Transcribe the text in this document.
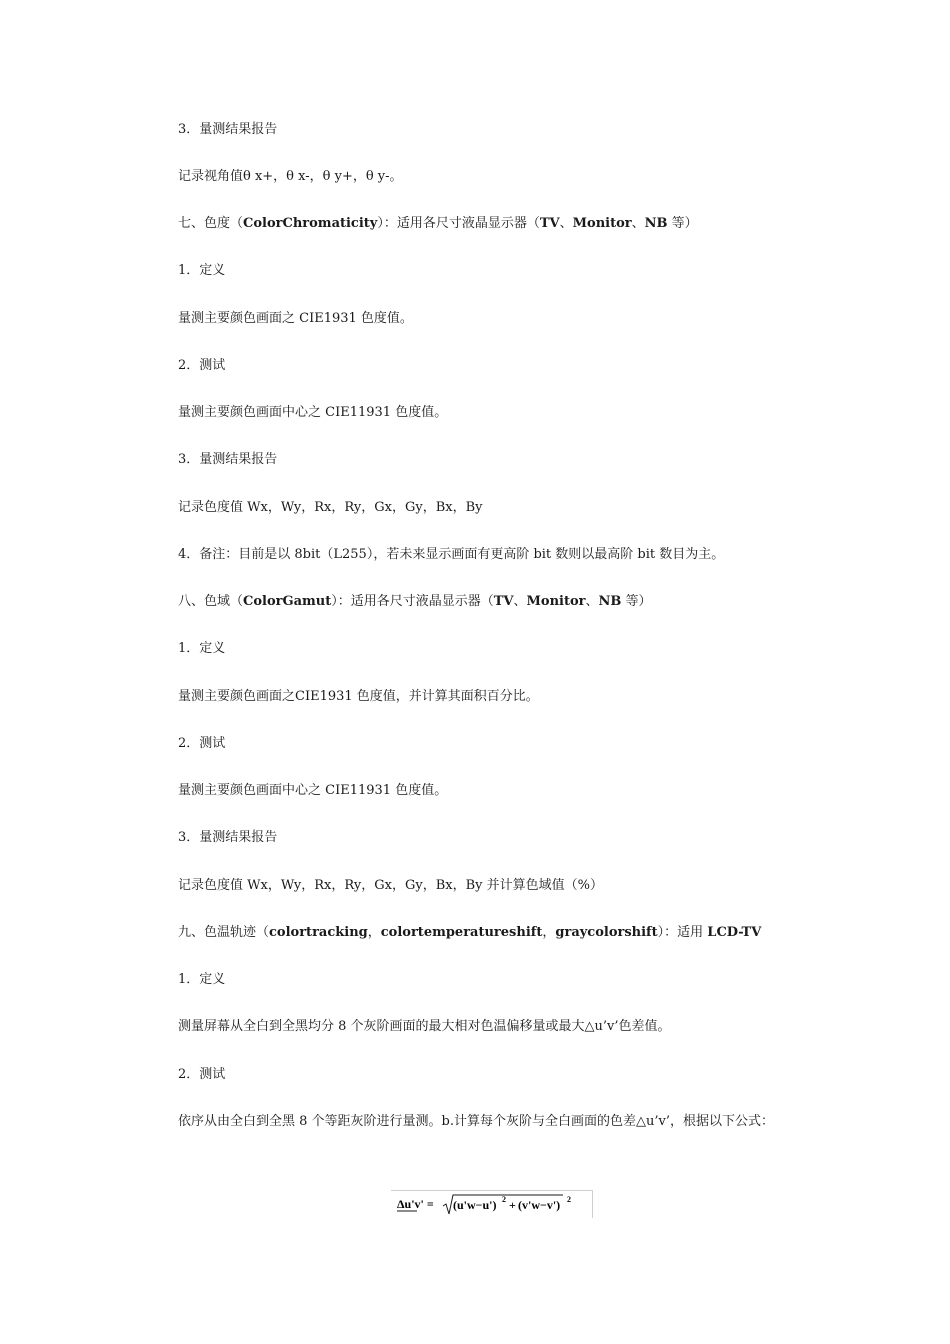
3．量测结果报告
记录视角值θ x+，θ x-，θ y+，θ y-。
七、色度（ColorChromaticity）：适用各尺寸液晶显示器（TV、Monitor、NB 等）
1．定义
量测主要颜色画面之 CIE1931 色度值。
2．测试
量测主要颜色画面中心之 CIE11931 色度值。
3．量测结果报告
记录色度值 Wx，Wy，Rx，Ry，Gx，Gy，Bx，By
4．备注：目前是以 8bit（L255），若未来显示画面有更高阶 bit 数则以最高阶 bit 数目为主。
八、色域（ColorGamut）：适用各尺寸液晶显示器（TV、Monitor、NB 等）
1．定义
量测主要颜色画面之CIE1931 色度值，并计算其面积百分比。
2．测试
量测主要颜色画面中心之 CIE11931 色度值。
3．量测结果报告
记录色度值 Wx，Wy，Rx，Ry，Gx，Gy，Bx，By 并计算色域值（%）
九、色温轨迹（colortracking，colortemperatureshift，graycolorshift）：适用 LCD-TV
1．定义
测量屏幕从全白到全黑均分 8 个灰阶画面的最大相对色温偏移量或最大△u’v’色差值。
2．测试
依序从由全白到全黑 8 个等距灰阶进行量测。b.计算每个灰阶与全白画面的色差△u’v’，根据以下公式：
Δu'v' = (u'w−u') 2 + (v'w−v') 2
